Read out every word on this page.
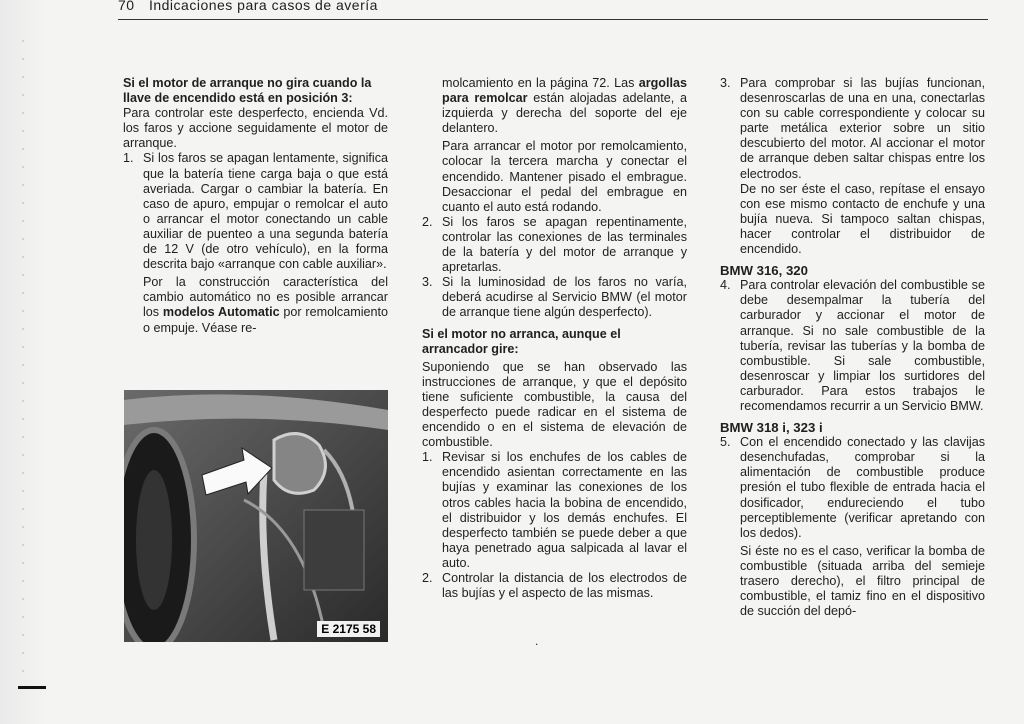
70 Indicaciones para casos de avería

Si el motor de arranque no gira cuando la llave de encendido está en posición 3:

Para controlar este desperfecto, encienda Vd. los faros y accione seguidamente el motor de arranque.

1. Si los faros se apagan lentamente, significa que la batería tiene carga baja o que está averiada. Cargar o cambiar la batería. En caso de apuro, empujar o remolcar el auto o arrancar el motor conectando un cable auxiliar de puenteo a una segunda batería de 12 V (de otro vehículo), en la forma descrita bajo «arranque con cable auxiliar».

Por la construcción característica del cambio automático no es posible arrancar los modelos Automatic por remolcamiento o empuje. Véase re-

E 2175 58

molcamiento en la página 72. Las argollas para remolcar están alojadas adelante, a izquierda y derecha del soporte del eje delantero.

Para arrancar el motor por remolcamiento, colocar la tercera marcha y conectar el encendido. Mantener pisado el embrague. Desaccionar el pedal del embrague en cuanto el auto está rodando.

2. Si los faros se apagan repentinamente, controlar las conexiones de las terminales de la batería y del motor de arranque y apretarlas.
3. Si la luminosidad de los faros no varía, deberá acudirse al Servicio BMW (el motor de arranque tiene algún desperfecto).

Si el motor no arranca, aunque el arrancador gire:

Suponiendo que se han observado las instrucciones de arranque, y que el depósito tiene suficiente combustible, la causa del desperfecto puede radicar en el sistema de encendido o en el sistema de elevación de combustible.

1. Revisar si los enchufes de los cables de encendido asientan correctamente en las bujías y examinar las conexiones de los otros cables hacia la bobina de encendido, el distribuidor y los demás enchufes. El desperfecto también se puede deber a que haya penetrado agua salpicada al lavar el auto.
2. Controlar la distancia de los electrodos de las bujías y el aspecto de las mismas.
.
3. Para comprobar si las bujías funcionan, desenroscarlas de una en una, conectarlas con su cable correspondiente y colocar su parte metálica exterior sobre un sitio descubierto del motor. Al accionar el motor de arranque deben saltar chispas entre los electrodos.

De no ser éste el caso, repítase el ensayo con ese mismo contacto de enchufe y una bujía nueva. Si tampoco saltan chispas, hacer controlar el distribuidor de encendido.

BMW 316, 320

4. Para controlar elevación del combustible se debe desempalmar la tubería del carburador y accionar el motor de arranque. Si no sale combustible de la tubería, revisar las tuberías y la bomba de combustible. Si sale combustible, desenroscar y limpiar los surtidores del carburador. Para estos trabajos le recomendamos recurrir a un Servicio BMW.

BMW 318 i, 323 i

5. Con el encendido conectado y las clavijas desenchufadas, comprobar si la alimentación de combustible produce presión el tubo flexible de entrada hacia el dosificador, endureciendo el tubo perceptiblemente (verificar apretando con los dedos).

Si éste no es el caso, verificar la bomba de combustible (situada arriba del semieje trasero derecho), el filtro principal de combustible, el tamiz fino en el dispositivo de succión del depó-
